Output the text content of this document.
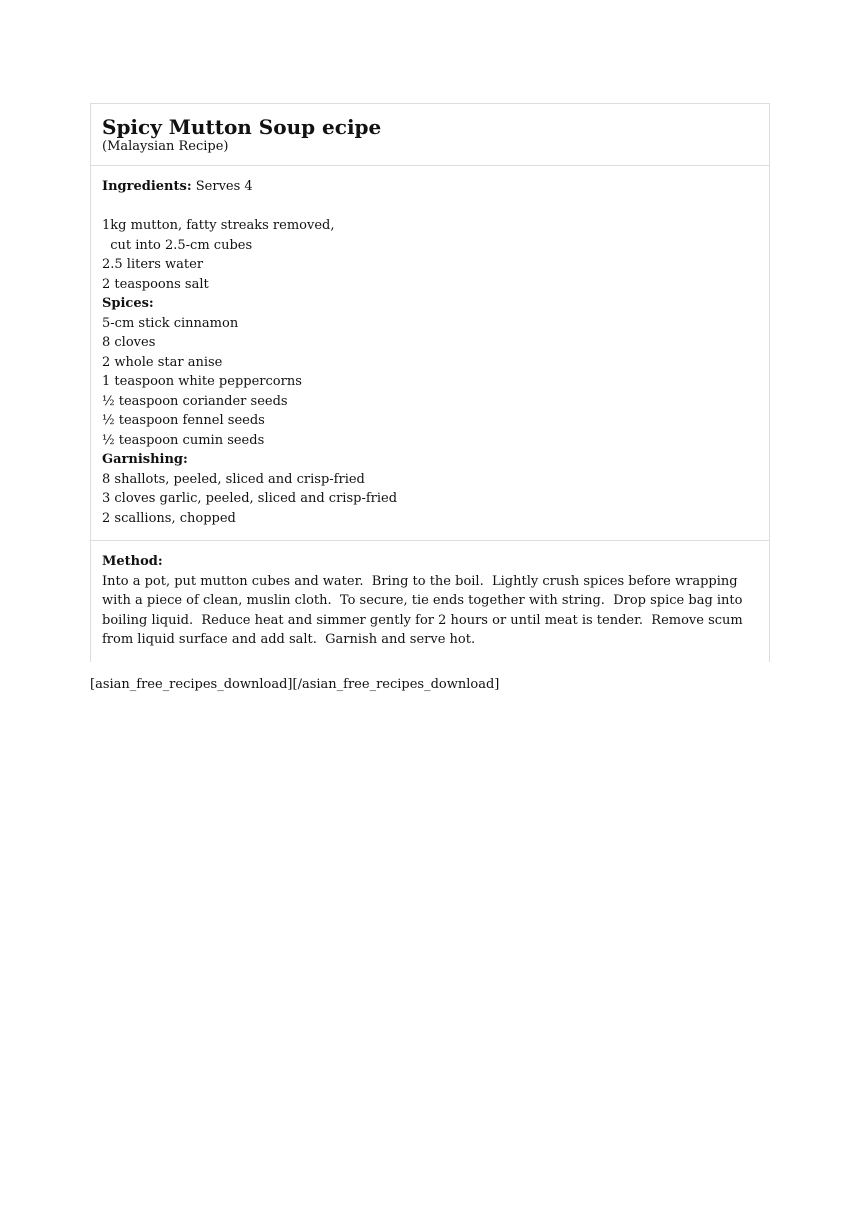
Spicy Mutton Soup ecipe
(Malaysian Recipe)
Ingredients: Serves 4
1kg mutton, fatty streaks removed,
cut into 2.5-cm cubes
2.5 liters water
2 teaspoons salt
Spices:
5-cm stick cinnamon
8 cloves
2 whole star anise
1 teaspoon white peppercorns
½ teaspoon coriander seeds
½ teaspoon fennel seeds
½ teaspoon cumin seeds
Garnishing:
8 shallots, peeled, sliced and crisp-fried
3 cloves garlic, peeled, sliced and crisp-fried
2 scallions, chopped
Method:
Into a pot, put mutton cubes and water.  Bring to the boil.  Lightly crush spices before wrapping with a piece of clean, muslin cloth.  To secure, tie ends together with string.  Drop spice bag into boiling liquid.  Reduce heat and simmer gently for 2 hours or until meat is tender.  Remove scum from liquid surface and add salt.  Garnish and serve hot.
[asian_free_recipes_download][/asian_free_recipes_download]
